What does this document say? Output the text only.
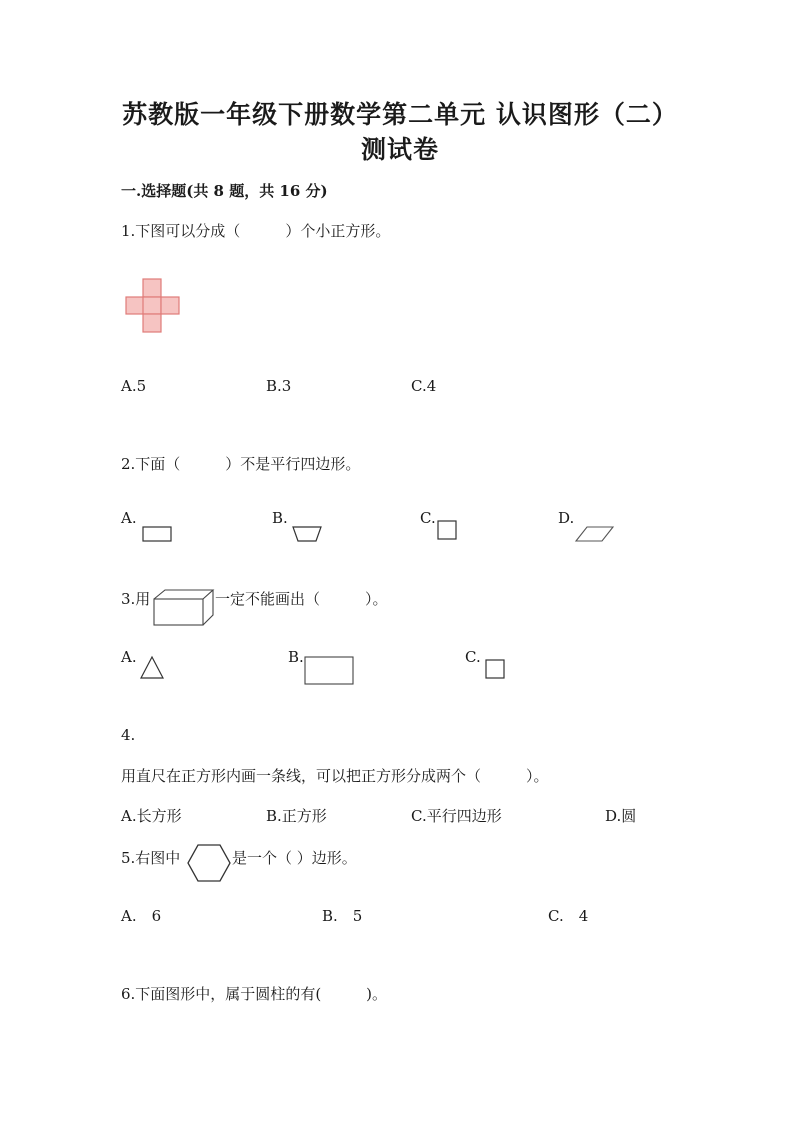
苏教版一年级下册数学第二单元 认识图形（二）
测试卷
一.选择题(共 8 题，共 16 分)
1.下图可以分成（　　　）个小正方形。
A.5	B.3	C.4
2.下面（　　　）不是平行四边形。
A.	B.	C.	D.
3.用	一定不能画出（　　　）。
A.	B.	C.
4.
用直尺在正方形内画一条线，可以把正方形分成两个（　　　）。
A.长方形	B.正方形	C.平行四边形	D.圆
5.右图中	是一个（ ）边形。
A.　6	B.　5	C.　4
6.下面图形中，属于圆柱的有(　　　)。
